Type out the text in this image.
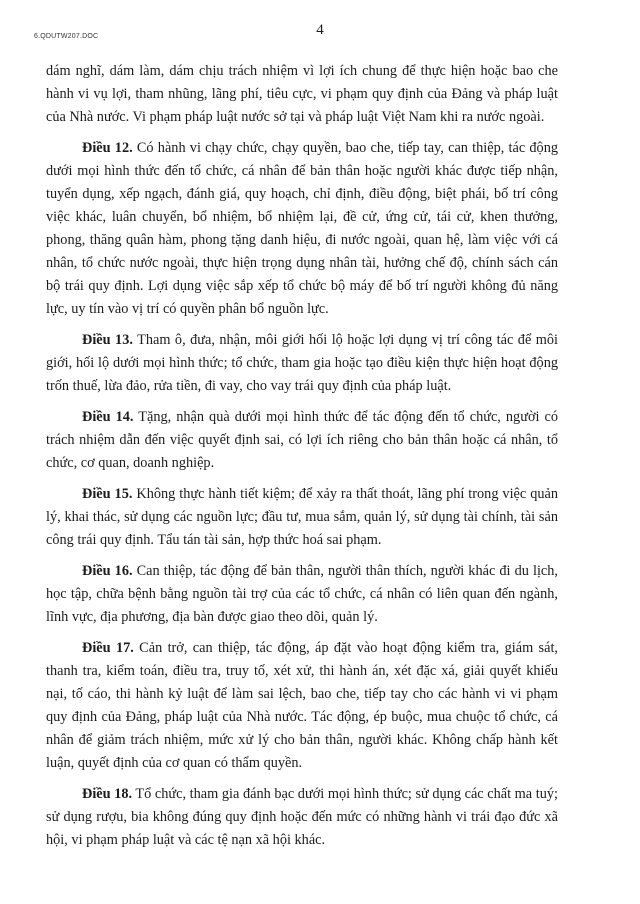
6.QDUTW207.DOC	4

dám nghĩ, dám làm, dám chịu trách nhiệm vì lợi ích chung để thực hiện hoặc bao che hành vi vụ lợi, tham nhũng, lãng phí, tiêu cực, vi phạm quy định của Đảng và pháp luật của Nhà nước. Vi phạm pháp luật nước sở tại và pháp luật Việt Nam khi ra nước ngoài.

Điều 12. Có hành vi chạy chức, chạy quyền, bao che, tiếp tay, can thiệp, tác động dưới mọi hình thức đến tổ chức, cá nhân để bản thân hoặc người khác được tiếp nhận, tuyển dụng, xếp ngạch, đánh giá, quy hoạch, chỉ định, điều động, biệt phái, bố trí công việc khác, luân chuyển, bổ nhiệm, bổ nhiệm lại, đề cử, ứng cử, tái cử, khen thưởng, phong, thăng quân hàm, phong tặng danh hiệu, đi nước ngoài, quan hệ, làm việc với cá nhân, tổ chức nước ngoài, thực hiện trọng dụng nhân tài, hưởng chế độ, chính sách cán bộ trái quy định. Lợi dụng việc sắp xếp tổ chức bộ máy để bố trí người không đủ năng lực, uy tín vào vị trí có quyền phân bổ nguồn lực.

Điều 13. Tham ô, đưa, nhận, môi giới hối lộ hoặc lợi dụng vị trí công tác để môi giới, hối lộ dưới mọi hình thức; tổ chức, tham gia hoặc tạo điều kiện thực hiện hoạt động trốn thuế, lừa đảo, rửa tiền, đi vay, cho vay trái quy định của pháp luật.

Điều 14. Tặng, nhận quà dưới mọi hình thức để tác động đến tổ chức, người có trách nhiệm dẫn đến việc quyết định sai, có lợi ích riêng cho bản thân hoặc cá nhân, tổ chức, cơ quan, doanh nghiệp.

Điều 15. Không thực hành tiết kiệm; để xảy ra thất thoát, lãng phí trong việc quản lý, khai thác, sử dụng các nguồn lực; đầu tư, mua sắm, quản lý, sử dụng tài chính, tài sản công trái quy định. Tẩu tán tài sản, hợp thức hoá sai phạm.

Điều 16. Can thiệp, tác động để bản thân, người thân thích, người khác đi du lịch, học tập, chữa bệnh bằng nguồn tài trợ của các tổ chức, cá nhân có liên quan đến ngành, lĩnh vực, địa phương, địa bàn được giao theo dõi, quản lý.

Điều 17. Cản trở, can thiệp, tác động, áp đặt vào hoạt động kiểm tra, giám sát, thanh tra, kiểm toán, điều tra, truy tố, xét xử, thi hành án, xét đặc xá, giải quyết khiếu nại, tố cáo, thi hành kỷ luật để làm sai lệch, bao che, tiếp tay cho các hành vi vi phạm quy định của Đảng, pháp luật của Nhà nước. Tác động, ép buộc, mua chuộc tổ chức, cá nhân để giảm trách nhiệm, mức xử lý cho bản thân, người khác. Không chấp hành kết luận, quyết định của cơ quan có thẩm quyền.

Điều 18. Tổ chức, tham gia đánh bạc dưới mọi hình thức; sử dụng các chất ma tuý; sử dụng rượu, bia không đúng quy định hoặc đến mức có những hành vi trái đạo đức xã hội, vi phạm pháp luật và các tệ nạn xã hội khác.
